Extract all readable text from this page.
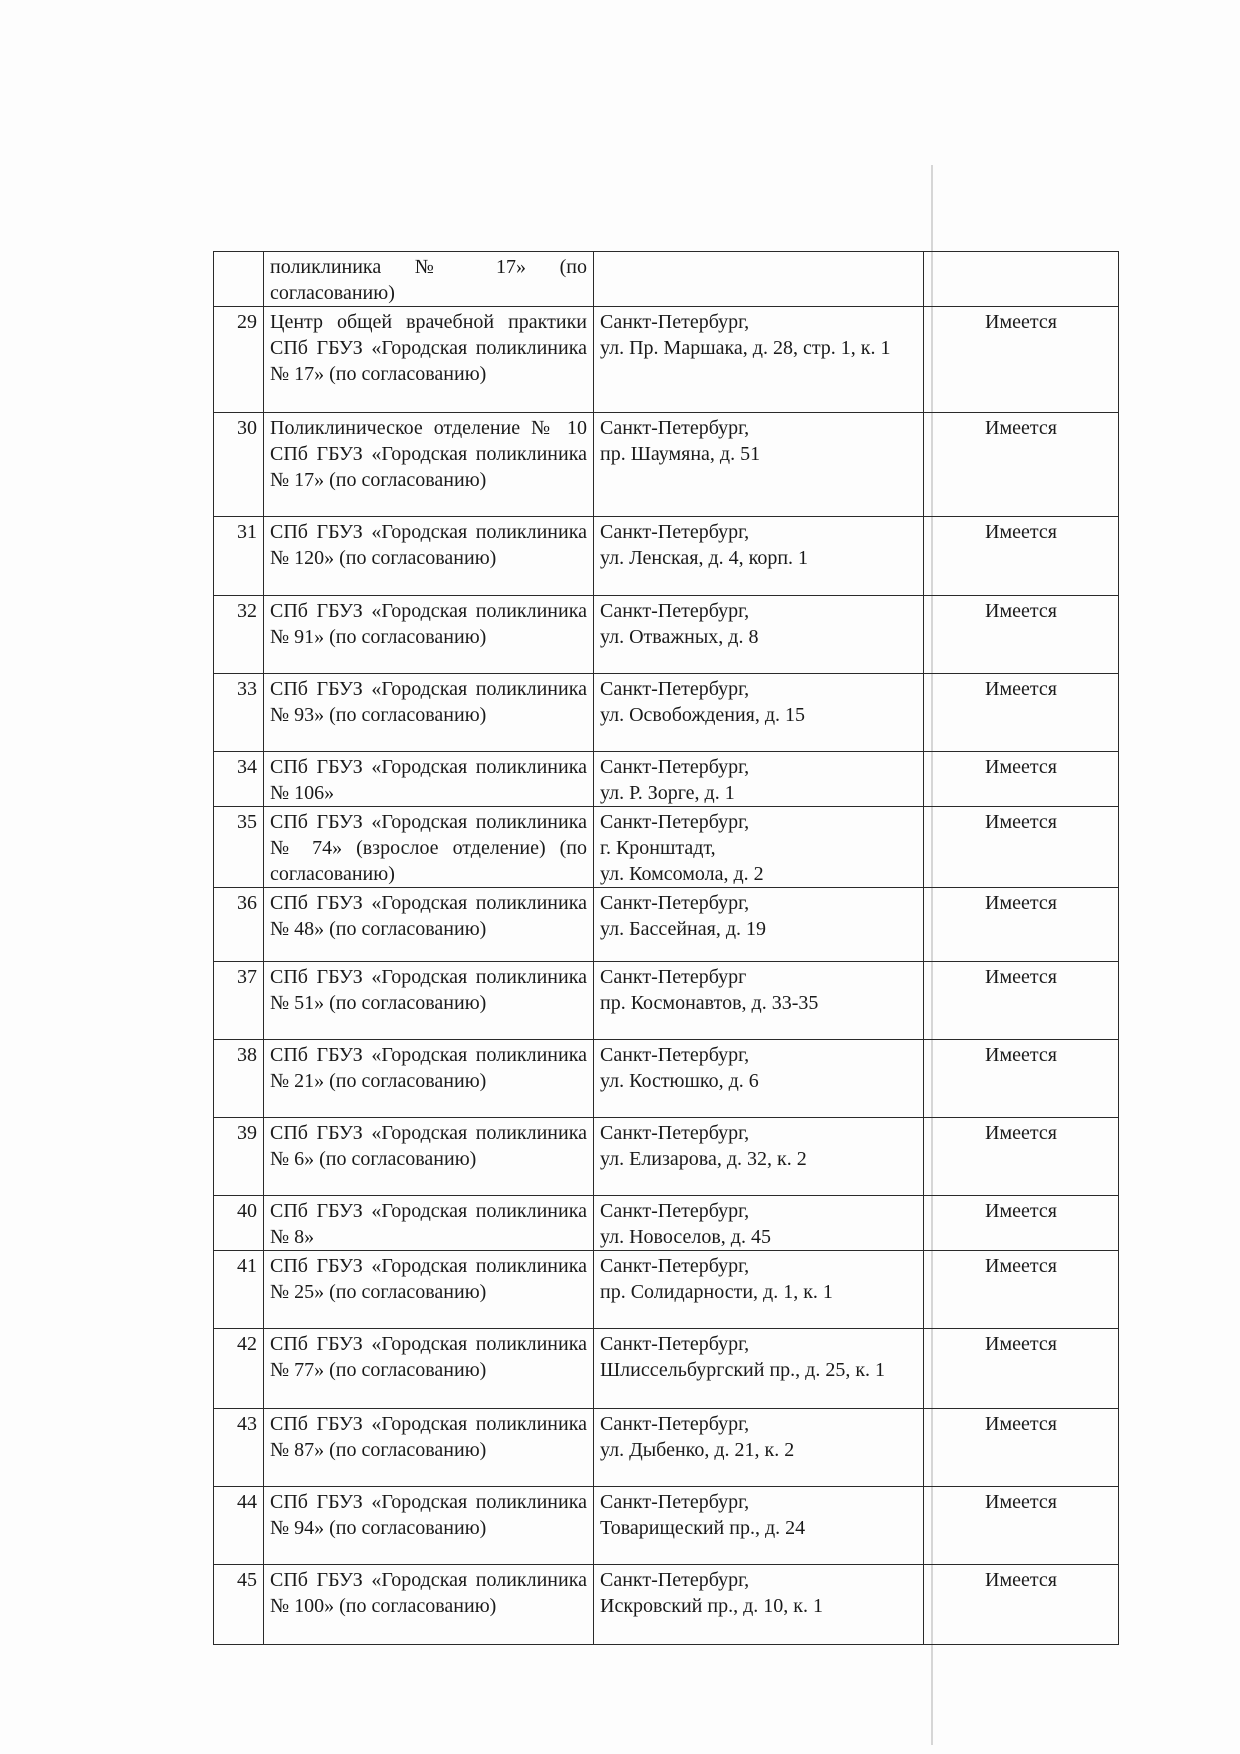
	поликлиника № 17» (по согласованию)		
29	Центр общей врачебной практики СПб ГБУЗ «Городская поликлиника № 17» (по согласованию)	Санкт-Петербург,
ул. Пр. Маршака, д. 28, стр. 1, к. 1	Имеется
30	Поликлиническое отделение № 10 СПб ГБУЗ «Городская поликлиника № 17» (по согласованию)	Санкт-Петербург,
пр. Шаумяна, д. 51	Имеется
31	СПб ГБУЗ «Городская поликлиника № 120» (по согласованию)	Санкт-Петербург,
ул. Ленская, д. 4, корп. 1	Имеется
32	СПб ГБУЗ «Городская поликлиника № 91» (по согласованию)	Санкт-Петербург,
ул. Отважных, д. 8	Имеется
33	СПб ГБУЗ «Городская поликлиника № 93» (по согласованию)	Санкт-Петербург,
ул. Освобождения, д. 15	Имеется
34	СПб ГБУЗ «Городская поликлиника № 106»	Санкт-Петербург,
ул. Р. Зорге, д. 1	Имеется
35	СПб ГБУЗ «Городская поликлиника № 74» (взрослое отделение) (по согласованию)	Санкт-Петербург,
г. Кронштадт,
ул. Комсомола, д. 2	Имеется
36	СПб ГБУЗ «Городская поликлиника № 48» (по согласованию)	Санкт-Петербург,
ул. Бассейная, д. 19	Имеется
37	СПб ГБУЗ «Городская поликлиника № 51» (по согласованию)	Санкт-Петербург
пр. Космонавтов, д. 33-35	Имеется
38	СПб ГБУЗ «Городская поликлиника № 21» (по согласованию)	Санкт-Петербург,
ул. Костюшко, д. 6	Имеется
39	СПб ГБУЗ «Городская поликлиника № 6» (по согласованию)	Санкт-Петербург,
ул. Елизарова, д. 32, к. 2	Имеется
40	СПб ГБУЗ «Городская поликлиника № 8»	Санкт-Петербург,
ул. Новоселов, д. 45	Имеется
41	СПб ГБУЗ «Городская поликлиника № 25» (по согласованию)	Санкт-Петербург,
пр. Солидарности, д. 1, к. 1	Имеется
42	СПб ГБУЗ «Городская поликлиника № 77» (по согласованию)	Санкт-Петербург,
Шлиссельбургский пр., д. 25, к. 1	Имеется
43	СПб ГБУЗ «Городская поликлиника № 87» (по согласованию)	Санкт-Петербург,
ул. Дыбенко, д. 21, к. 2	Имеется
44	СПб ГБУЗ «Городская поликлиника № 94» (по согласованию)	Санкт-Петербург,
Товарищеский пр., д. 24	Имеется
45	СПб ГБУЗ «Городская поликлиника № 100» (по согласованию)	Санкт-Петербург,
Искровский пр., д. 10, к. 1	Имеется
